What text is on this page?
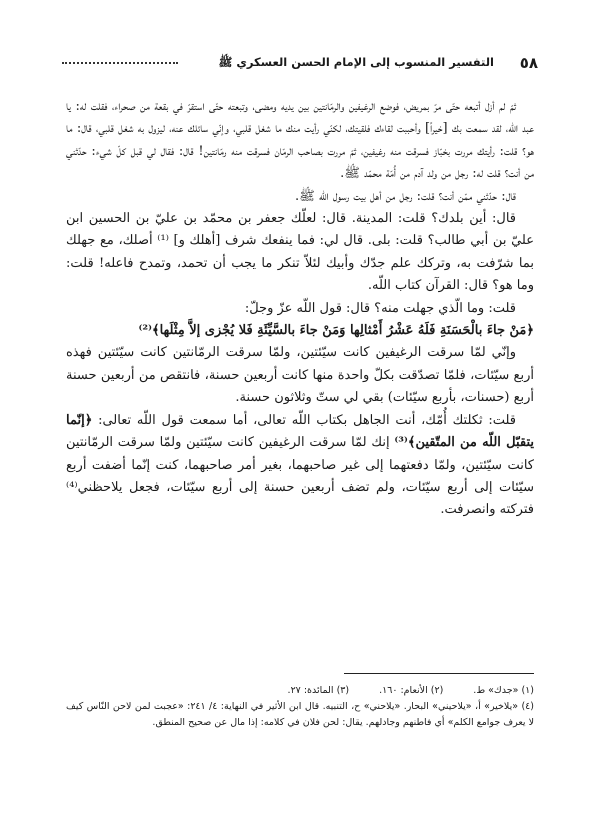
٥٨
التفسير المنسوب إلى الإمام الحسن العسكري ﷺ

ثمّ لم أزل أتبعه حتّى مرّ بمريض، فوضع الرغيفين والرمّانتين بين يديه ومضى، وتبعته حتّى استقرّ في بقعة من صحراء، فقلت له: يا عبد اللّه، لقد سمعت بك [خيراً] وأحببت لقاءك فلقيتك، لكنّي رأيت منك ما شغل قلبي، وإنّي سائلك عنه، ليزول به شغل قلبي، قال: ما هو؟ قلت: رأيتك مررت بخبّاز فسرقت منه رغيفين، ثمّ مررت بصاحب الرمّان فسرقت منه رمّانتين! قال: فقال لي قبل كلّ شيء: حدّثني من أنت؟ قلت له: رجل من ولد آدم من أُمّة محمّد ﷺ.

قال: حدّثني ممّن أنت؟ قلت: رجل من أهل بيت رسول اللّه ﷺ.

قال: أين بلدك؟ قلت: المدينة. قال: لعلّك جعفر بن محمّد بن عليّ بن الحسين ابن عليّ بن أبي طالب؟ قلت: بلى. قال لي: فما ينفعك شرف [أهلك و] ⁽¹⁾ أصلك، مع جهلك بما شرّفت به، وتركك علم جدّك وأبيك لئلاّ تنكر ما يجب أن تحمد، وتمدح فاعله! قلت: وما هو؟ قال: القرآن كتاب اللّه.

قلت: وما الّذي جهلت منه؟ قال: قول اللّه عزّ وجلّ:

﴿مَنْ جاءَ بالْحَسَنَةِ فَلَهُ عَشْرُ أَمْثالِها وَمَنْ جاءَ بالسَّيِّئَةِ فَلا يُجْزى إلاَّ مِثْلَها﴾⁽²⁾

وإنّي لمّا سرقت الرغيفين كانت سيّئتين، ولمّا سرقت الرمّانتين كانت سيّئتين فهذه أربع سيّئات، فلمّا تصدّقت بكلّ واحدة منها كانت أربعين حسنة، فانتقص من أربعين حسنة أربع (حسنات، بأربع سيّئات) بقي لي ستّ وثلاثون حسنة.

قلت: ثكلتك أُمّك، أنت الجاهل بكتاب اللّه تعالى، أما سمعت قول اللّه تعالى: ﴿إنّما يتقبّل اللّه من المتّقين﴾⁽³⁾ إنك لمّا سرقت الرغيفين كانت سيّئتين ولمّا سرقت الرمّانتين كانت سيّئتين، ولمّا دفعتهما إلى غير صاحبهما، بغير أمر صاحبهما، كنت إنّما أضفت أربع سيّئات إلى أربع سيّئات، ولم تضف أربعين حسنة إلى أربع سيّئات، فجعل يلاحظني⁽⁴⁾ فتركته وانصرفت.

(١) «جدك» ط.
(٢) الأنعام: ١٦٠.
(٣) المائدة: ٢٧.

(٤) «يلاخير» أ، «يلاحيني» البحار. «يلاحني» ح، التنبيه. قال ابن الأثير في النهاية: ٤/ ٢٤١: «عجبت لمن لاحن النّاس كيف لا يعرف جوامع الكلم» أي فاطنهم وجادلهم. يقال: لحن فلان في كلامه: إذا مال عن صحيح المنطق.
